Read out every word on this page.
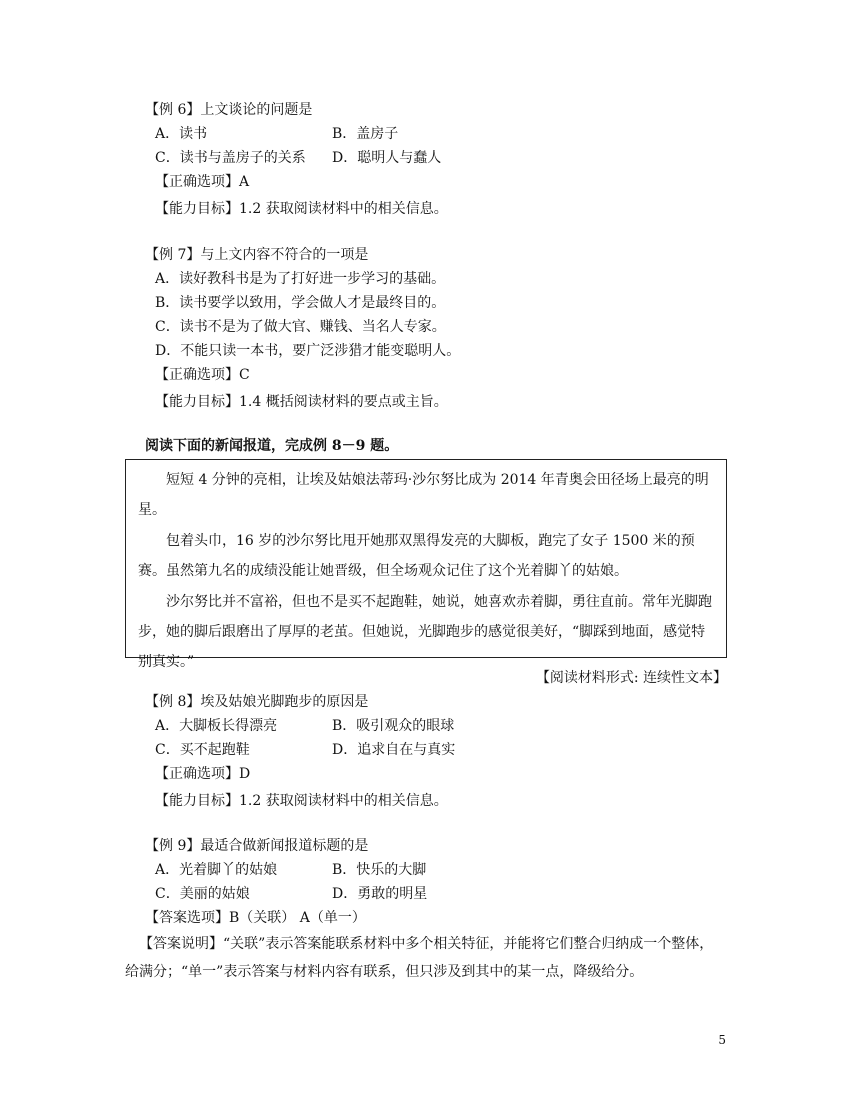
【例 6】上文谈论的问题是
A．读书	B．盖房子
C．读书与盖房子的关系 D．聪明人与蠢人
【正确选项】A
【能力目标】1.2 获取阅读材料中的相关信息。
【例 7】与上文内容不符合的一项是
A．读好教科书是为了打好进一步学习的基础。
B．读书要学以致用，学会做人才是最终目的。
C．读书不是为了做大官、赚钱、当名人专家。
D．不能只读一本书，要广泛涉猎才能变聪明人。
【正确选项】C
【能力目标】1.4 概括阅读材料的要点或主旨。
阅读下面的新闻报道，完成例 8－9 题。

短短 4 分钟的亮相，让埃及姑娘法蒂玛·沙尔努比成为 2014 年青奥会田径场上最亮的明星。

包着头巾，16 岁的沙尔努比甩开她那双黑得发亮的大脚板，跑完了女子 1500 米的预赛。虽然第九名的成绩没能让她晋级，但全场观众记住了这个光着脚丫的姑娘。

沙尔努比并不富裕，但也不是买不起跑鞋，她说，她喜欢赤着脚，勇往直前。常年光脚跑步，她的脚后跟磨出了厚厚的老茧。但她说，光脚跑步的感觉很美好，“脚踩到地面，感觉特别真实。”

【阅读材料形式: 连续性文本】
【例 8】埃及姑娘光脚跑步的原因是
A．大脚板长得漂亮	B．吸引观众的眼球
C．买不起跑鞋	D．追求自在与真实
【正确选项】D
【能力目标】1.2 获取阅读材料中的相关信息。
【例 9】最适合做新闻报道标题的是
A．光着脚丫的姑娘	B．快乐的大脚
C．美丽的姑娘	D．勇敢的明星
【答案选项】B（关联） A（单一）
【答案说明】“关联”表示答案能联系材料中多个相关特征，并能将它们整合归纳成一个整体，给满分；“单一”表示答案与材料内容有联系，但只涉及到其中的某一点，降级给分。
5
